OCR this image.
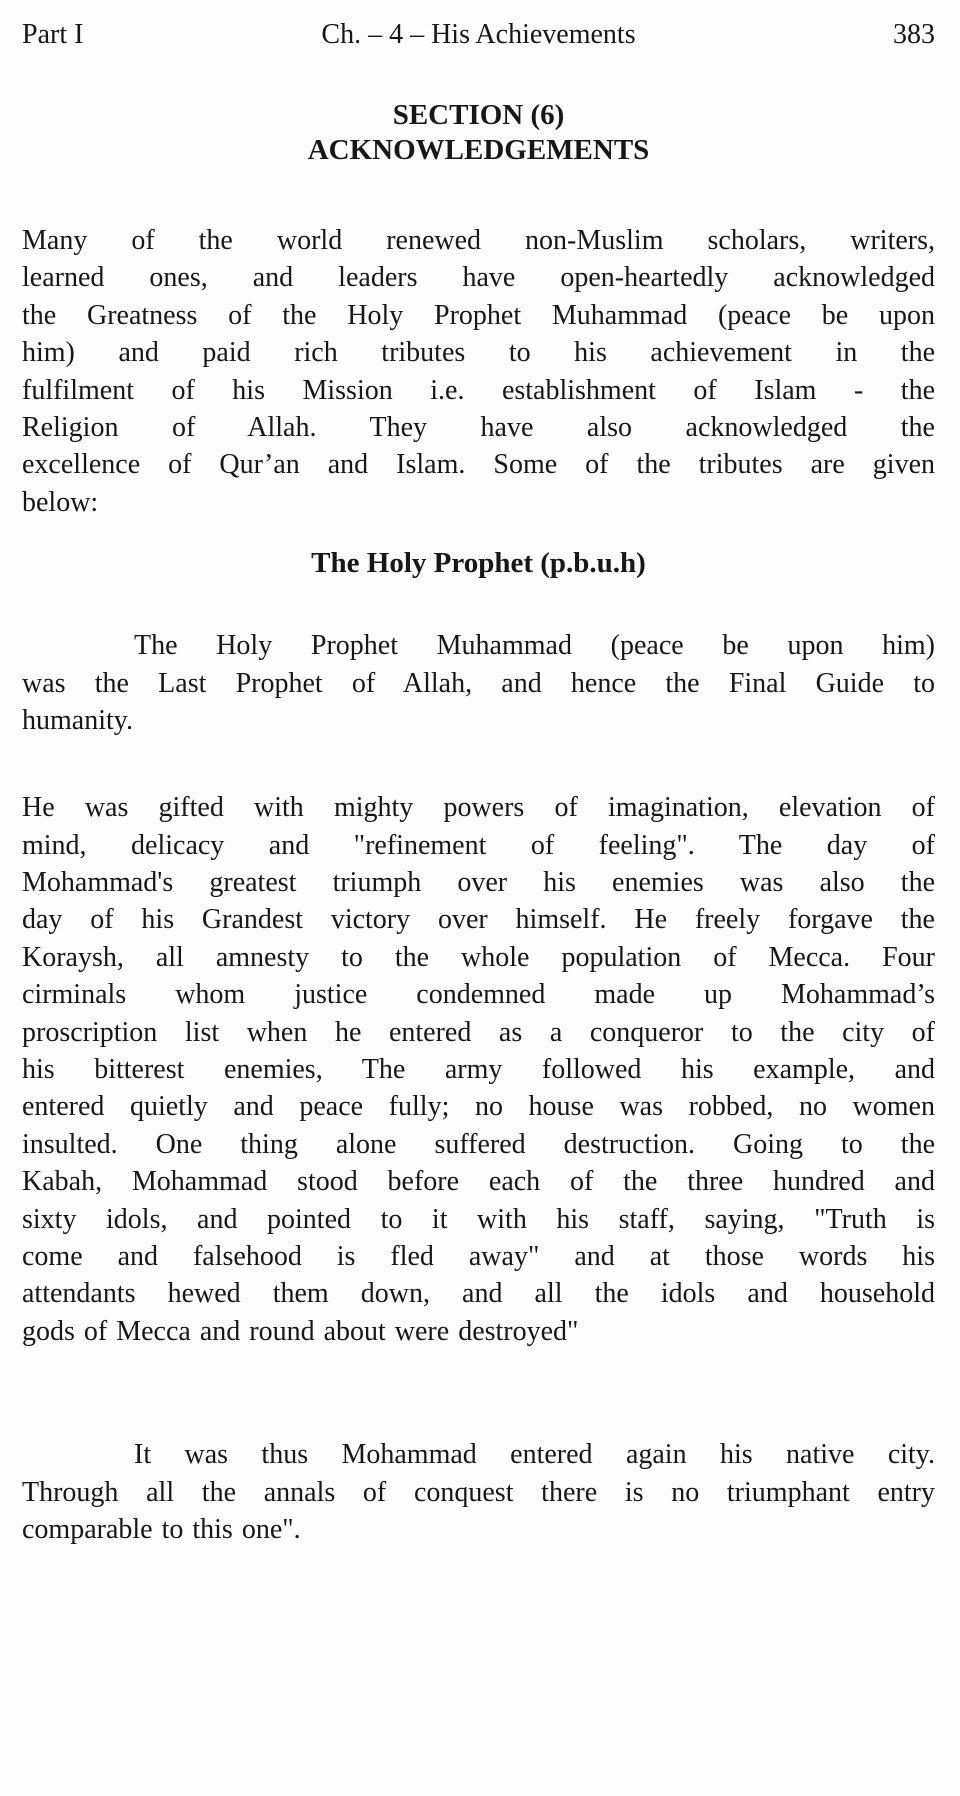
Part I	Ch. – 4 – His Achievements	383
SECTION (6)
ACKNOWLEDGEMENTS
Many of the world renewed non-Muslim scholars, writers,
learned ones, and leaders have open-heartedly acknowledged
the Greatness of the Holy Prophet Muhammad (peace be upon
him) and paid rich tributes to his achievement in the
fulfilment of his Mission i.e. establishment of Islam - the
Religion of Allah. They have also acknowledged the
excellence of Qur’an and Islam. Some of the tributes are given
below:
The Holy Prophet (p.b.u.h)
The Holy Prophet Muhammad (peace be upon him)
was the Last Prophet of Allah, and hence the Final Guide to
humanity.
He was gifted with mighty powers of imagination, elevation of
mind, delicacy and "refinement of feeling". The day of
Mohammad's greatest triumph over his enemies was also the
day of his Grandest victory over himself. He freely forgave the
Koraysh, all amnesty to the whole population of Mecca. Four
cirminals whom justice condemned made up Mohammad’s
proscription list when he entered as a conqueror to the city of
his bitterest enemies, The army followed his example, and
entered quietly and peace fully; no house was robbed, no women
insulted. One thing alone suffered destruction. Going to the
Kabah, Mohammad stood before each of the three hundred and
sixty idols, and pointed to it with his staff, saying, "Truth is
come and falsehood is fled away" and at those words his
attendants hewed them down, and all the idols and household
gods of Mecca and round about were destroyed"
It was thus Mohammad entered again his native city.
Through all the annals of conquest there is no triumphant entry
comparable to this one".
